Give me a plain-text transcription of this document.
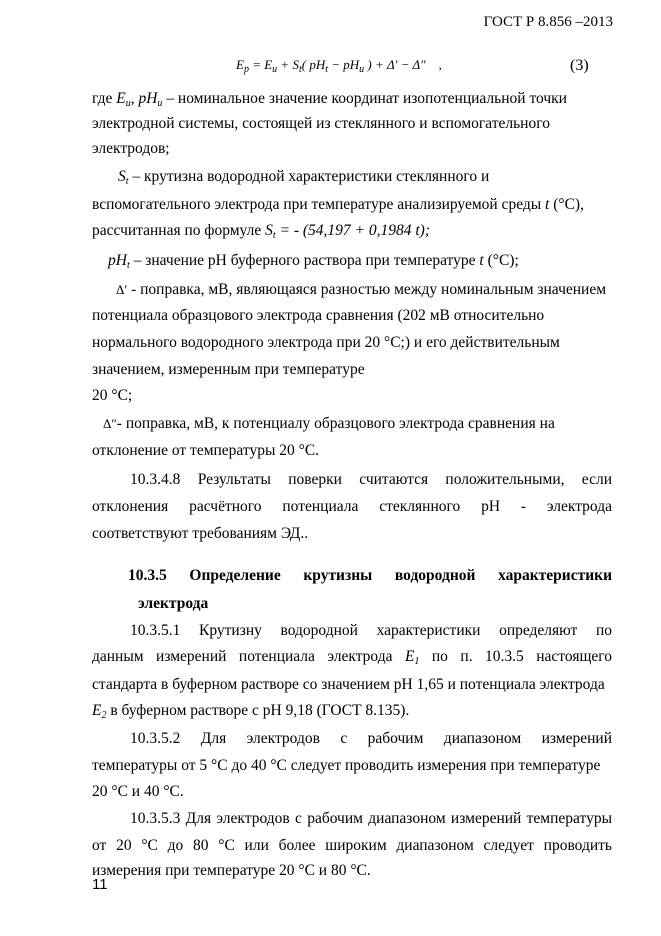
ГОСТ Р 8.856 –2013
$E_p = E_u + S_t$( $pH_t - pH_u$ ) + Δ′ − Δ″ ,	(3)
где $E_u$, $pH_u$ – номинальное значение координат изопотенциальной точки
электродной системы, состоящей из стеклянного и вспомогательного
электродов;
$S_t$ – крутизна водородной характеристики стеклянного и
вспомогательного электрода при температуре анализируемой среды t (°C),
рассчитанная по формуле $S_t$ = - (54,197 + 0,1984 t);
$pH_t$ – значение pH буферного раствора при температуре t (°C);
Δ′ - поправка, мВ, являющаяся разностью между номинальным значением
потенциала образцового электрода сравнения (202 мВ относительно
нормального водородного электрода при 20 °C;) и его действительным
значением, измеренным при температуре
20 °C;
Δ″- поправка, мВ, к потенциалу образцового электрода сравнения на
отклонение от температуры 20 °C.
10.3.4.8 Результаты поверки считаются положительными, если
отклонения расчётного потенциала стеклянного pH - электрода
соответствуют требованиям ЭД..
10.3.5 Определение крутизны водородной характеристики
электрода
10.3.5.1 Крутизну водородной характеристики определяют по
данным измерений потенциала электрода $E_1$ по п. 10.3.5 настоящего
стандарта в буферном растворе со значением pH 1,65 и потенциала электрода
$E_2$ в буферном растворе с pH 9,18 (ГОСТ 8.135).
10.3.5.2 Для электродов с рабочим диапазоном измерений
температуры от 5 °C до 40 °C следует проводить измерения при температуре
20 °C и 40 °C.
10.3.5.3 Для электродов с рабочим диапазоном измерений температуры
от 20 °C до 80 °C или более широким диапазоном следует проводить
измерения при температуре 20 °C и 80 °C.
11
